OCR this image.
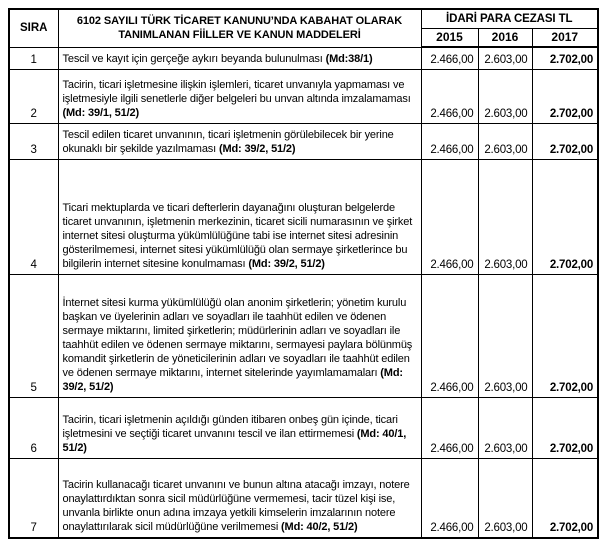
SIRA	6102 SAYILI TÜRK TİCARET KANUNU’NDA KABAHAT OLARAK TANIMLANAN FİİLLER VE KANUN MADDELERİ	İDARİ PARA CEZASI TL		
		2015	2016	2017
1	Tescil ve kayıt için gerçeğe aykırı beyanda bulunulması (Md:38/1)	2.466,00	2.603,00	2.702,00
2	Tacirin, ticari işletmesine ilişkin işlemleri, ticaret unvanıyla yapmaması ve işletmesiyle ilgili senetlerle diğer belgeleri bu unvan altında imzalamaması (Md: 39/1, 51/2)	2.466,00	2.603,00	2.702,00
3	Tescil edilen ticaret unvanının, ticari işletmenin görülebilecek bir yerine okunaklı bir şekilde yazılmaması (Md: 39/2, 51/2)	2.466,00	2.603,00	2.702,00
4	Ticari mektuplarda ve ticari defterlerin dayanağını oluşturan belgelerde ticaret unvanının, işletmenin merkezinin, ticaret sicili numarasının ve şirket internet sitesi oluşturma yükümlülüğüne tabi ise internet sitesi adresinin gösterilmemesi, internet sitesi yükümlülüğü olan sermaye şirketlerince bu bilgilerin internet sitesine konulmaması (Md: 39/2, 51/2)	2.466,00	2.603,00	2.702,00
5	İnternet sitesi kurma yükümlülüğü olan anonim şirketlerin; yönetim kurulu başkan ve üyelerinin adları ve soyadları ile taahhüt edilen ve ödenen sermaye miktarını, limited şirketlerin; müdürlerinin adları ve soyadları ile taahhüt edilen ve ödenen sermaye miktarını, sermayesi paylara bölünmüş komandit şirketlerin de yöneticilerinin adları ve soyadları ile taahhüt edilen ve ödenen sermaye miktarını, internet sitelerinde yayımlamamaları (Md: 39/2, 51/2)	2.466,00	2.603,00	2.702,00
6	Tacirin, ticari işletmenin açıldığı günden itibaren onbeş gün içinde, ticari işletmesini ve seçtiği ticaret unvanını tescil ve ilan ettirmemesi (Md: 40/1, 51/2)	2.466,00	2.603,00	2.702,00
7	Tacirin kullanacağı ticaret unvanını ve bunun altına atacağı imzayı, notere onaylattırdıktan sonra sicil müdürlüğüne vermemesi, tacir tüzel kişi ise, unvanla birlikte onun adına imzaya yetkili kimselerin imzalarının notere onaylattırılarak sicil müdürlüğüne verilmemesi (Md: 40/2, 51/2)	2.466,00	2.603,00	2.702,00
